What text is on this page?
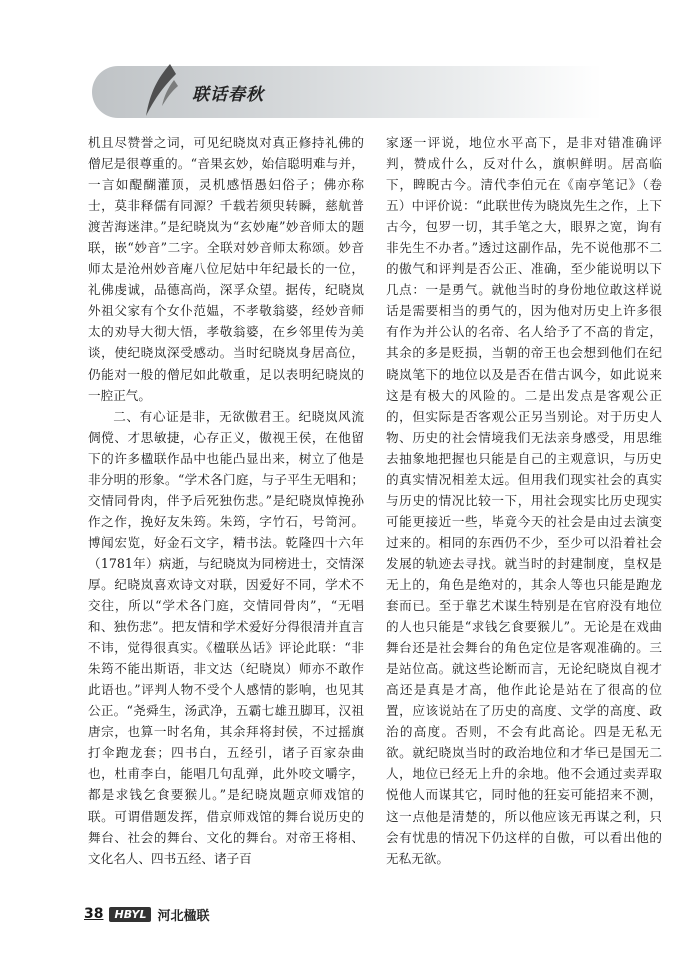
联话春秋

机且尽赞誉之词，可见纪晓岚对真正修持礼佛的僧尼是很尊重的。“音果玄妙，始信聪明难与并，一言如醍醐灌顶，灵机感悟愚妇俗子；佛亦称士，莫非释儒有同源？千载若须臾转瞬，慈航普渡苦海迷津。”是纪晓岚为“玄妙庵”妙音师太的题联，嵌“妙音”二字。全联对妙音师太称颂。妙音师太是沧州妙音庵八位尼姑中年纪最长的一位，礼佛虔诚，品德高尚，深孚众望。据传，纪晓岚外祖父家有个女仆范媪，不孝敬翁婆，经妙音师太的劝导大彻大悟，孝敬翁婆，在乡邻里传为美谈，使纪晓岚深受感动。当时纪晓岚身居高位，仍能对一般的僧尼如此敬重，足以表明纪晓岚的一腔正气。

二、有心证是非，无欲傲君王。纪晓岚风流倜傥、才思敏捷，心存正义，傲视王侯，在他留下的许多楹联作品中也能凸显出来，树立了他是非分明的形象。“学术各门庭，与子平生无唱和；交情同骨肉，伴予后死独伤悲。”是纪晓岚悼挽孙作之作，挽好友朱筠。朱筠，字竹石，号笥河。博闻宏览，好金石文字，精书法。乾隆四十六年（1781年）病逝，与纪晓岚为同榜进士，交情深厚。纪晓岚喜欢诗文对联，因爱好不同，学术不交往，所以“学术各门庭，交情同骨肉”，“无唱和、独伤悲”。把友情和学术爱好分得很清并直言不讳，觉得很真实。《楹联丛话》评论此联：“非朱筠不能出斯语，非文达（纪晓岚）师亦不敢作此语也。”评判人物不受个人感情的影响，也见其公正。“尧舜生，汤武净，五霸七雄丑脚耳，汉祖唐宗，也算一时名角，其余拜将封侯，不过摇旗打伞跑龙套；四书白，五经引，诸子百家杂曲也，杜甫李白，能唱几句乱弹，此外咬文嚼字，都是求钱乞食要猴儿。”是纪晓岚题京师戏馆的联。可谓借题发挥，借京师戏馆的舞台说历史的舞台、社会的舞台、文化的舞台。对帝王将相、文化名人、四书五经、诸子百

家逐一评说，地位水平高下，是非对错准确评判，赞成什么，反对什么，旗帜鲜明。居高临下，睥睨古今。清代李伯元在《南亭笔记》（卷五）中评价说：“此联世传为晓岚先生之作，上下古今，包罗一切，其手笔之大，眼界之宽，询有非先生不办者。”透过这副作品，先不说他那不二的傲气和评判是否公正、准确，至少能说明以下几点：一是勇气。就他当时的身份地位敢这样说话是需要相当的勇气的，因为他对历史上许多很有作为并公认的名帝、名人给予了不高的肯定，其余的多是贬损，当朝的帝王也会想到他们在纪晓岚笔下的地位以及是否在借古讽今，如此说来这是有极大的风险的。二是出发点是客观公正的，但实际是否客观公正另当别论。对于历史人物、历史的社会情境我们无法亲身感受，用思维去抽象地把握也只能是自己的主观意识，与历史的真实情况相差太远。但用我们现实社会的真实与历史的情况比较一下，用社会现实比历史现实可能更接近一些，毕竟今天的社会是由过去演变过来的。相同的东西仍不少，至少可以沿着社会发展的轨迹去寻找。就当时的封建制度，皇权是无上的，角色是绝对的，其余人等也只能是跑龙套而已。至于靠艺术谋生特别是在官府没有地位的人也只能是“求钱乞食要猴儿”。无论是在戏曲舞台还是社会舞台的角色定位是客观准确的。三是站位高。就这些论断而言，无论纪晓岚自视才高还是真是才高，他作此论是站在了很高的位置，应该说站在了历史的高度、文学的高度、政治的高度。否则，不会有此高论。四是无私无欲。就纪晓岚当时的政治地位和才华已是国无二人，地位已经无上升的余地。他不会通过卖弄取悦他人而谋其它，同时他的狂妄可能招来不测，这一点他是清楚的，所以他应该无再谋之利，只会有忧患的情况下仍这样的自傲，可以看出他的无私无欲。

38	HBYL 河北楹联
